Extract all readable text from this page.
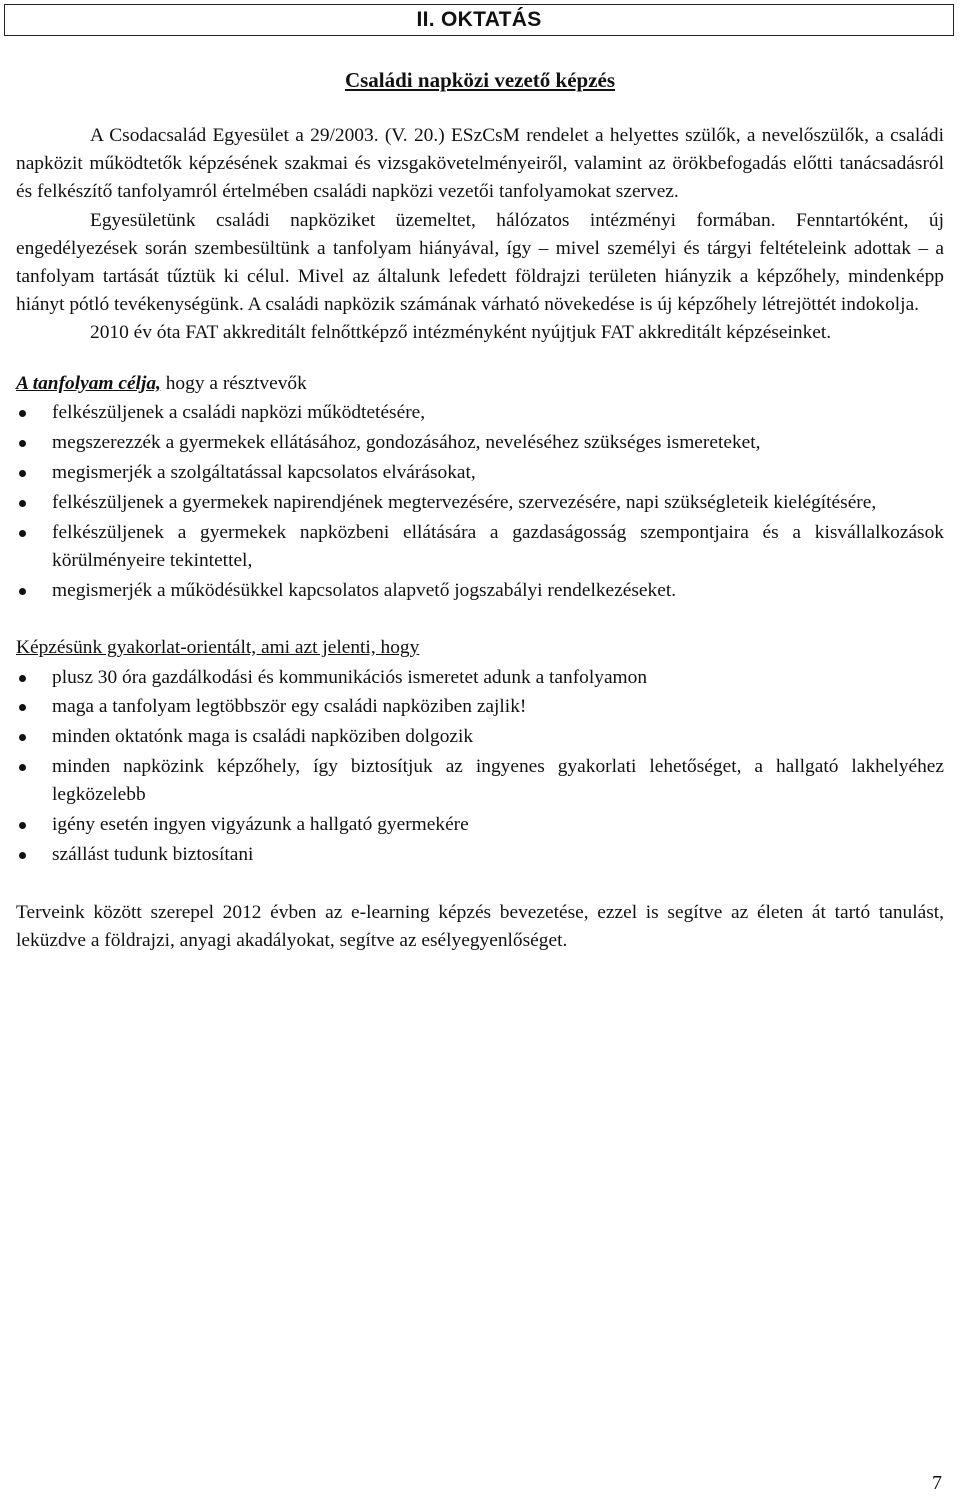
II. OKTATÁS
Családi napközi vezető képzés

A Csodacsalád Egyesület a 29/2003. (V. 20.) ESzCsM rendelet a helyettes szülők, a nevelőszülők, a családi napközit működtetők képzésének szakmai és vizsgakövetelményeiről, valamint az örökbefogadás előtti tanácsadásról és felkészítő tanfolyamról értelmében családi napközi vezetői tanfolyamokat szervez.

Egyesületünk családi napköziket üzemeltet, hálózatos intézményi formában. Fenntartóként, új engedélyezések során szembesültünk a tanfolyam hiányával, így – mivel személyi és tárgyi feltételeink adottak – a tanfolyam tartását tűztük ki célul. Mivel az általunk lefedett földrajzi területen hiányzik a képzőhely, mindenképp hiányt pótló tevékenységünk. A családi napközik számának várható növekedése is új képzőhely létrejöttét indokolja.

2010 év óta FAT akkreditált felnőttképző intézményként nyújtjuk FAT akkreditált képzéseinket.

A tanfolyam célja, hogy a résztvevők

felkészüljenek a családi napközi működtetésére,
megszerezzék a gyermekek ellátásához, gondozásához, neveléséhez szükséges ismereteket,
megismerjék a szolgáltatással kapcsolatos elvárásokat,
felkészüljenek a gyermekek napirendjének megtervezésére, szervezésére, napi szükségleteik kielégítésére,
felkészüljenek a gyermekek napközbeni ellátására a gazdaságosság szempontjaira és a kisvállalkozások körülményeire tekintettel,
megismerjék a működésükkel kapcsolatos alapvető jogszabályi rendelkezéseket.

Képzésünk gyakorlat-orientált, ami azt jelenti, hogy

plusz 30 óra gazdálkodási és kommunikációs ismeretet adunk a tanfolyamon
maga a tanfolyam legtöbbször egy családi napköziben zajlik!
minden oktatónk maga is családi napköziben dolgozik
minden napközink képzőhely, így biztosítjuk az ingyenes gyakorlati lehetőséget, a hallgató lakhelyéhez legközelebb
igény esetén ingyen vigyázunk a hallgató gyermekére
szállást tudunk biztosítani

Terveink között szerepel 2012 évben az e-learning képzés bevezetése, ezzel is segítve az életen át tartó tanulást, leküzdve a földrajzi, anyagi akadályokat, segítve az esélyegyenlőséget.

7
